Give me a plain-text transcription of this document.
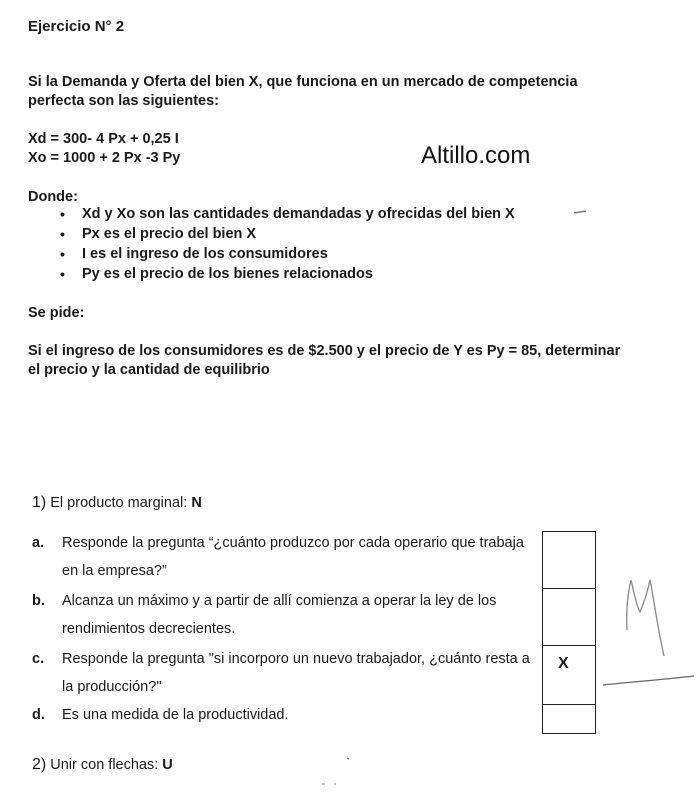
Ejercicio N° 2
Si la Demanda y Oferta del bien X, que funciona en un mercado de competencia perfecta son las siguientes:
Xd = 300- 4 Px + 0,25 I
Xo = 1000 + 2 Px -3 Py	Altillo.com
Donde:
• Xd y Xo son las cantidades demandadas y ofrecidas del bien X
• Px es el precio del bien X
• I es el ingreso de los consumidores
• Py es el precio de los bienes relacionados
Se pide:
Si el ingreso de los consumidores es de $2.500 y el precio de Y es Py = 85, determinar el precio y la cantidad de equilibrio
1) El producto marginal: N
a. Responde la pregunta “¿cuánto produzco por cada operario que trabaja en la empresa?”
b. Alcanza un máximo y a partir de allí comienza a operar la ley de los rendimientos decrecientes.
c. Responde la pregunta "si incorporo un nuevo trabajador, ¿cuánto resta a la producción?"
d. Es una medida de la productividad.
X
2) Unir con flechas: U
